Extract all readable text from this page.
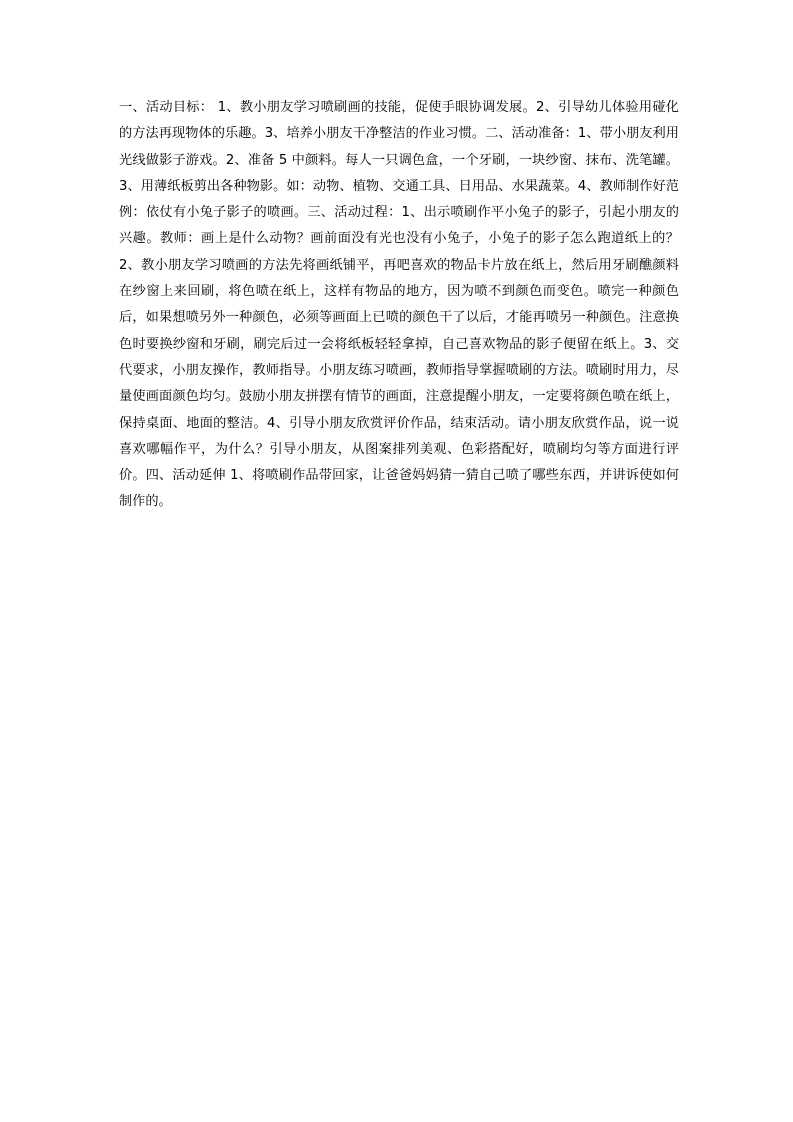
一、活动目标： 1、教小朋友学习喷刷画的技能，促使手眼协调发展。2、引导幼儿体验用碰化的方法再现物体的乐趣。3、培养小朋友干净整洁的作业习惯。二、活动准备：1、带小朋友利用光线做影子游戏。2、准备 5 中颜料。每人一只调色盒，一个牙刷，一块纱窗、抹布、洗笔罐。3、用薄纸板剪出各种物影。如：动物、植物、交通工具、日用品、水果蔬菜。4、教师制作好范例：依仗有小兔子影子的喷画。三、活动过程：1、出示喷刷作平小兔子的影子，引起小朋友的兴趣。教师：画上是什么动物？画前面没有光也没有小兔子，小兔子的影子怎么跑道纸上的？2、教小朋友学习喷画的方法先将画纸铺平，再吧喜欢的物品卡片放在纸上，然后用牙刷醮颜料在纱窗上来回刷，将色喷在纸上，这样有物品的地方，因为喷不到颜色而变色。喷完一种颜色后，如果想喷另外一种颜色，必须等画面上已喷的颜色干了以后，才能再喷另一种颜色。注意换色时要换纱窗和牙刷，刷完后过一会将纸板轻轻拿掉，自己喜欢物品的影子便留在纸上。3、交代要求，小朋友操作，教师指导。小朋友练习喷画，教师指导掌握喷刷的方法。喷刷时用力，尽量使画面颜色均匀。鼓励小朋友拼摆有情节的画面，注意提醒小朋友，一定要将颜色喷在纸上，保持桌面、地面的整洁。4、引导小朋友欣赏评价作品，结束活动。请小朋友欣赏作品，说一说喜欢哪幅作平，为什么？引导小朋友，从图案排列美观、色彩搭配好，喷刷均匀等方面进行评价。四、活动延伸 1、将喷刷作品带回家，让爸爸妈妈猜一猜自己喷了哪些东西，并讲诉使如何制作的。
